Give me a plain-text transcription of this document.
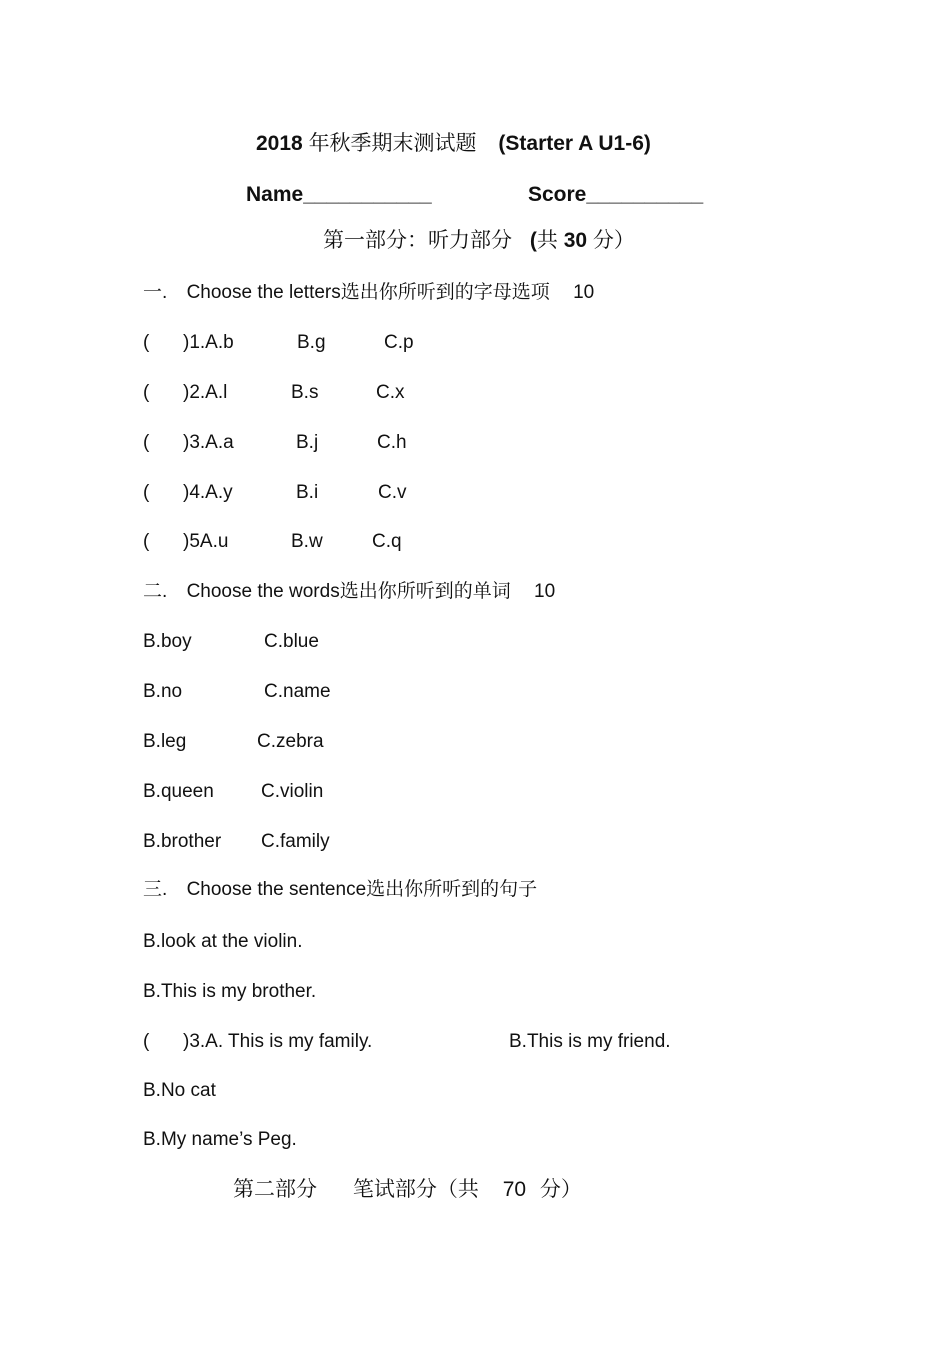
2018 年秋季期末测试题 (Starter A U1-6)
Name___________	Score__________
第一部分：听力部分 (共 30 分）
一. Choose the letters选出你所听到的字母选项 10
( )1.A.b	B.g	C.p
( )2.A.l	B.s	C.x
( )3.A.a	B.j	C.h
( )4.A.y	B.i	C.v
( )5A.u	B.w	C.q
二. Choose the words选出你所听到的单词 10
B.boy	C.blue
B.no	C.name
B.leg	C.zebra
B.queen C.violin
B.brother C.family
三. Choose the sentence选出你所听到的句子
B.look at the violin.
B.This is my brother.
( )3.A. This is my family.	B.This is my friend.
B.No cat
B.My name’s Peg.
第二部分 笔试部分（共 70 分）
